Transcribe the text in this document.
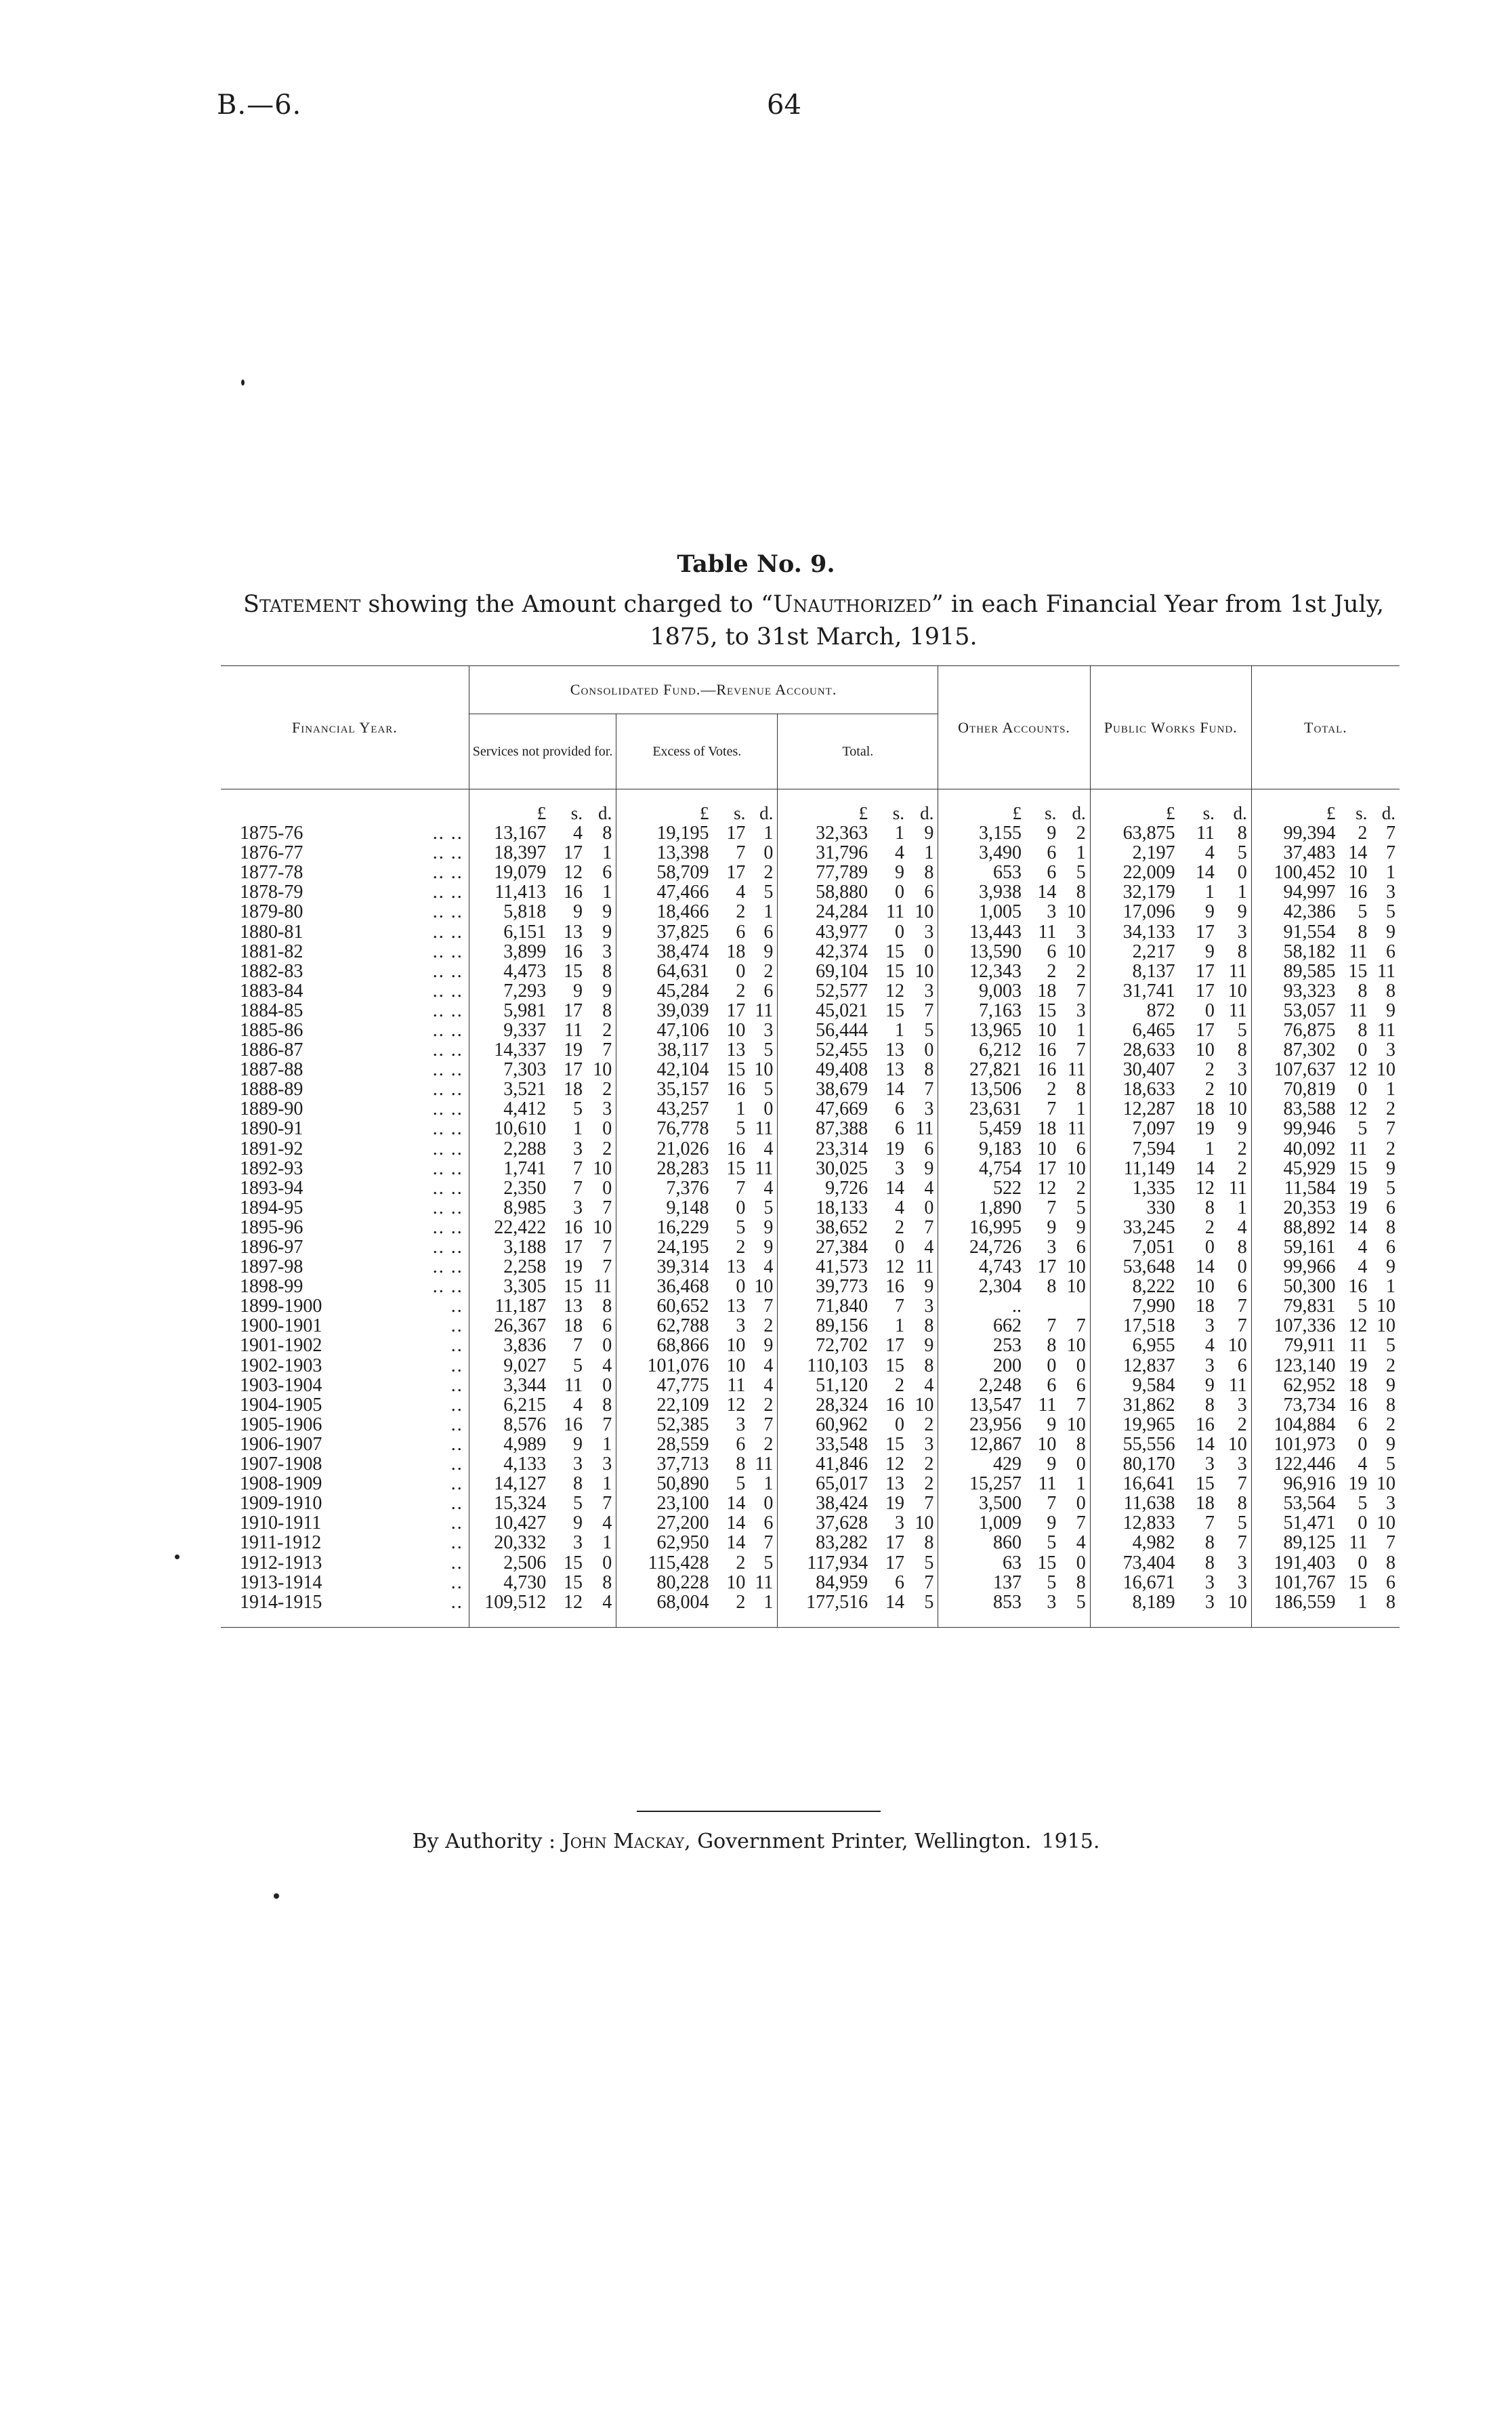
B.—6.	64
Table No. 9.
Statement showing the Amount charged to “Unauthorized” in each Financial Year from 1st July, 1875, to 31st March, 1915.
Financial Year.		Consolidated Fund.—Revenue Account.									Other Accounts.			Public Works Fund.			Total.		
		Services not provided for.			Excess of Votes.			Total.											
		£	s.	d.	£	s.	d.	£	s.	d.	£	s.	d.	£	s.	d.	£	s.	d.
1875-76	.. ..	13,167	4	8	19,195	17	1	32,363	1	9	3,155	9	2	63,875	11	8	99,394	2	7
1876-77	.. ..	18,397	17	1	13,398	7	0	31,796	4	1	3,490	6	1	2,197	4	5	37,483	14	7
1877-78	.. ..	19,079	12	6	58,709	17	2	77,789	9	8	653	6	5	22,009	14	0	100,452	10	1
1878-79	.. ..	11,413	16	1	47,466	4	5	58,880	0	6	3,938	14	8	32,179	1	1	94,997	16	3
1879-80	.. ..	5,818	9	9	18,466	2	1	24,284	11	10	1,005	3	10	17,096	9	9	42,386	5	5
1880-81	.. ..	6,151	13	9	37,825	6	6	43,977	0	3	13,443	11	3	34,133	17	3	91,554	8	9
1881-82	.. ..	3,899	16	3	38,474	18	9	42,374	15	0	13,590	6	10	2,217	9	8	58,182	11	6
1882-83	.. ..	4,473	15	8	64,631	0	2	69,104	15	10	12,343	2	2	8,137	17	11	89,585	15	11
1883-84	.. ..	7,293	9	9	45,284	2	6	52,577	12	3	9,003	18	7	31,741	17	10	93,323	8	8
1884-85	.. ..	5,981	17	8	39,039	17	11	45,021	15	7	7,163	15	3	872	0	11	53,057	11	9
1885-86	.. ..	9,337	11	2	47,106	10	3	56,444	1	5	13,965	10	1	6,465	17	5	76,875	8	11
1886-87	.. ..	14,337	19	7	38,117	13	5	52,455	13	0	6,212	16	7	28,633	10	8	87,302	0	3
1887-88	.. ..	7,303	17	10	42,104	15	10	49,408	13	8	27,821	16	11	30,407	2	3	107,637	12	10
1888-89	.. ..	3,521	18	2	35,157	16	5	38,679	14	7	13,506	2	8	18,633	2	10	70,819	0	1
1889-90	.. ..	4,412	5	3	43,257	1	0	47,669	6	3	23,631	7	1	12,287	18	10	83,588	12	2
1890-91	.. ..	10,610	1	0	76,778	5	11	87,388	6	11	5,459	18	11	7,097	19	9	99,946	5	7
1891-92	.. ..	2,288	3	2	21,026	16	4	23,314	19	6	9,183	10	6	7,594	1	2	40,092	11	2
1892-93	.. ..	1,741	7	10	28,283	15	11	30,025	3	9	4,754	17	10	11,149	14	2	45,929	15	9
1893-94	.. ..	2,350	7	0	7,376	7	4	9,726	14	4	522	12	2	1,335	12	11	11,584	19	5
1894-95	.. ..	8,985	3	7	9,148	0	5	18,133	4	0	1,890	7	5	330	8	1	20,353	19	6
1895-96	.. ..	22,422	16	10	16,229	5	9	38,652	2	7	16,995	9	9	33,245	2	4	88,892	14	8
1896-97	.. ..	3,188	17	7	24,195	2	9	27,384	0	4	24,726	3	6	7,051	0	8	59,161	4	6
1897-98	.. ..	2,258	19	7	39,314	13	4	41,573	12	11	4,743	17	10	53,648	14	0	99,966	4	9
1898-99	.. ..	3,305	15	11	36,468	0	10	39,773	16	9	2,304	8	10	8,222	10	6	50,300	16	1
1899-1900	..	11,187	13	8	60,652	13	7	71,840	7	3	..			7,990	18	7	79,831	5	10
1900-1901	..	26,367	18	6	62,788	3	2	89,156	1	8	662	7	7	17,518	3	7	107,336	12	10
1901-1902	..	3,836	7	0	68,866	10	9	72,702	17	9	253	8	10	6,955	4	10	79,911	11	5
1902-1903	..	9,027	5	4	101,076	10	4	110,103	15	8	200	0	0	12,837	3	6	123,140	19	2
1903-1904	..	3,344	11	0	47,775	11	4	51,120	2	4	2,248	6	6	9,584	9	11	62,952	18	9
1904-1905	..	6,215	4	8	22,109	12	2	28,324	16	10	13,547	11	7	31,862	8	3	73,734	16	8
1905-1906	..	8,576	16	7	52,385	3	7	60,962	0	2	23,956	9	10	19,965	16	2	104,884	6	2
1906-1907	..	4,989	9	1	28,559	6	2	33,548	15	3	12,867	10	8	55,556	14	10	101,973	0	9
1907-1908	..	4,133	3	3	37,713	8	11	41,846	12	2	429	9	0	80,170	3	3	122,446	4	5
1908-1909	..	14,127	8	1	50,890	5	1	65,017	13	2	15,257	11	1	16,641	15	7	96,916	19	10
1909-1910	..	15,324	5	7	23,100	14	0	38,424	19	7	3,500	7	0	11,638	18	8	53,564	5	3
1910-1911	..	10,427	9	4	27,200	14	6	37,628	3	10	1,009	9	7	12,833	7	5	51,471	0	10
1911-1912	..	20,332	3	1	62,950	14	7	83,282	17	8	860	5	4	4,982	8	7	89,125	11	7
1912-1913	..	2,506	15	0	115,428	2	5	117,934	17	5	63	15	0	73,404	8	3	191,403	0	8
1913-1914	..	4,730	15	8	80,228	10	11	84,959	6	7	137	5	8	16,671	3	3	101,767	15	6
1914-1915	..	109,512	12	4	68,004	2	1	177,516	14	5	853	3	5	8,189	3	10	186,559	1	8

By Authority : John Mackay, Government Printer, Wellington. 1915.
